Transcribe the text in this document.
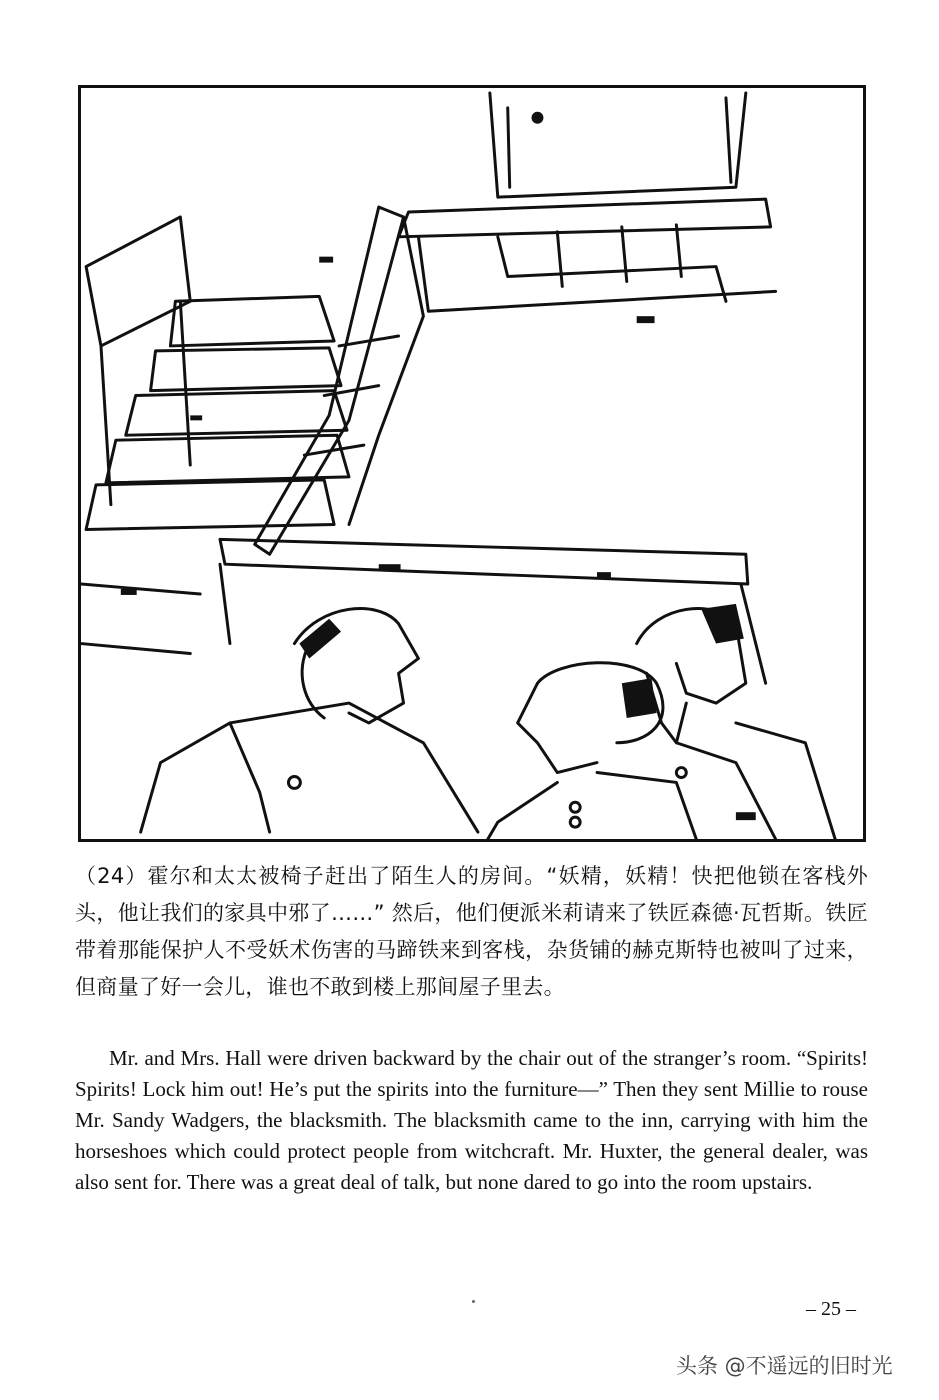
（24）霍尔和太太被椅子赶出了陌生人的房间。“妖精，妖精！快把他锁在客栈外头，他让我们的家具中邪了……” 然后，他们便派米莉请来了铁匠森德·瓦哲斯。铁匠带着那能保护人不受妖术伤害的马蹄铁来到客栈，杂货铺的赫克斯特也被叫了过来，但商量了好一会儿，谁也不敢到楼上那间屋子里去。

Mr. and Mrs. Hall were driven backward by the chair out of the stranger’s room. “Spirits! Spirits! Lock him out! He’s put the spirits into the furniture—” Then they sent Millie to rouse Mr. Sandy Wadgers, the blacksmith. The blacksmith came to the inn, carrying with him the horseshoes which could protect people from witchcraft. Mr. Huxter, the general dealer, was also sent for. There was a great deal of talk, but none dared to go into the room upstairs.

– 25 –
头条 @不遥远的旧时光
